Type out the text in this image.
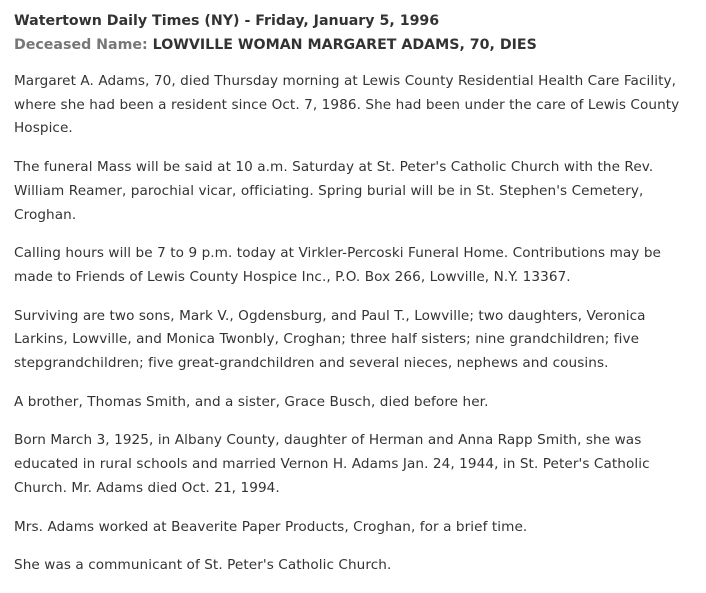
Watertown Daily Times (NY) - Friday, January 5, 1996
Deceased Name: LOWVILLE WOMAN MARGARET ADAMS, 70, DIES

Margaret A. Adams, 70, died Thursday morning at Lewis County Residential Health Care Facility, where she had been a resident since Oct. 7, 1986. She had been under the care of Lewis County Hospice.

The funeral Mass will be said at 10 a.m. Saturday at St. Peter's Catholic Church with the Rev. William Reamer, parochial vicar, officiating. Spring burial will be in St. Stephen's Cemetery, Croghan.

Calling hours will be 7 to 9 p.m. today at Virkler-Percoski Funeral Home. Contributions may be made to Friends of Lewis County Hospice Inc., P.O. Box 266, Lowville, N.Y. 13367.

Surviving are two sons, Mark V., Ogdensburg, and Paul T., Lowville; two daughters, Veronica Larkins, Lowville, and Monica Twonbly, Croghan; three half sisters; nine grandchildren; five stepgrandchildren; five great-grandchildren and several nieces, nephews and cousins.

A brother, Thomas Smith, and a sister, Grace Busch, died before her.

Born March 3, 1925, in Albany County, daughter of Herman and Anna Rapp Smith, she was educated in rural schools and married Vernon H. Adams Jan. 24, 1944, in St. Peter's Catholic Church. Mr. Adams died Oct. 21, 1994.

Mrs. Adams worked at Beaverite Paper Products, Croghan, for a brief time.

She was a communicant of St. Peter's Catholic Church.
